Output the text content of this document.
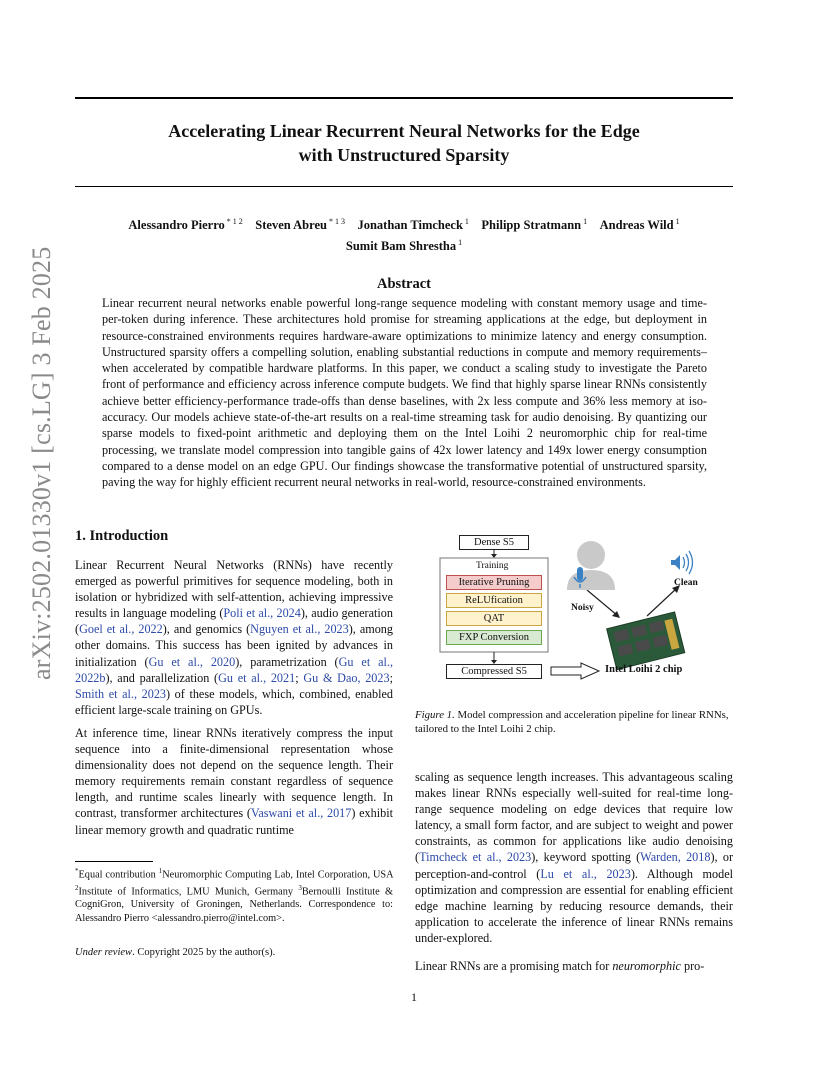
arXiv:2502.01330v1 [cs.LG] 3 Feb 2025
Accelerating Linear Recurrent Neural Networks for the Edge
with Unstructured Sparsity
Alessandro Pierro $^{* 1 2}$  Steven Abreu $^{* 1 3}$  Jonathan Timcheck $^1$  Philipp Stratmann $^1$  Andreas Wild $^1$
Sumit Bam Shrestha $^1$
Abstract
Linear recurrent neural networks enable powerful long-range sequence modeling with constant memory usage and time-per-token during inference. These architectures hold promise for streaming applications at the edge, but deployment in resource-constrained environments requires hardware-aware optimizations to minimize latency and energy consumption. Unstructured sparsity offers a compelling solution, enabling substantial reductions in compute and memory requirements–when accelerated by compatible hardware platforms. In this paper, we conduct a scaling study to investigate the Pareto front of performance and efficiency across inference compute budgets. We find that highly sparse linear RNNs consistently achieve better efficiency-performance trade-offs than dense baselines, with 2x less compute and 36% less memory at iso-accuracy. Our models achieve state-of-the-art results on a real-time streaming task for audio denoising. By quantizing our sparse models to fixed-point arithmetic and deploying them on the Intel Loihi 2 neuromorphic chip for real-time processing, we translate model compression into tangible gains of 42x lower latency and 149x lower energy consumption compared to a dense model on an edge GPU. Our findings showcase the transformative potential of unstructured sparsity, paving the way for highly efficient recurrent neural networks in real-world, resource-constrained environments.
1. Introduction
Linear Recurrent Neural Networks (RNNs) have recently emerged as powerful primitives for sequence modeling, both in isolation or hybridized with self-attention, achieving impressive results in language modeling (Poli et al., 2024), audio generation (Goel et al., 2022), and genomics (Nguyen et al., 2023), among other domains. This success has been ignited by advances in initialization (Gu et al., 2020), parametrization (Gu et al., 2022b), and parallelization (Gu et al., 2021; Gu & Dao, 2023; Smith et al., 2023) of these models, which, combined, enabled efficient large-scale training on GPUs.
At inference time, linear RNNs iteratively compress the input sequence into a finite-dimensional representation whose dimensionality does not depend on the sequence length. Their memory requirements remain constant regardless of sequence length, and runtime scales linearly with sequence length. In contrast, transformer architectures (Vaswani et al., 2017) exhibit linear memory growth and quadratic runtime
*Equal contribution $^1$Neuromorphic Computing Lab, Intel Corporation, USA $^2$Institute of Informatics, LMU Munich, Germany $^3$Bernoulli Institute & CogniGron, University of Groningen, Netherlands. Correspondence to: Alessandro Pierro <alessandro.pierro@intel.com>.
Under review. Copyright 2025 by the author(s).
Dense S5
Training
Iterative Pruning
ReLUfication
QAT
FXP Conversion
Compressed S5	Intel Loihi 2 chip
Noisy
Clean
Figure 1. Model compression and acceleration pipeline for linear RNNs, tailored to the Intel Loihi 2 chip.
scaling as sequence length increases. This advantageous scaling makes linear RNNs especially well-suited for real-time long-range sequence modeling on edge devices that require low latency, a small form factor, and are subject to weight and power constraints, as common for applications like audio denoising (Timcheck et al., 2023), keyword spotting (Warden, 2018), or perception-and-control (Lu et al., 2023). Although model optimization and compression are essential for enabling efficient edge machine learning by reducing resource demands, their application to accelerate the inference of linear RNNs remains under-explored.
Linear RNNs are a promising match for neuromorphic pro-
1
